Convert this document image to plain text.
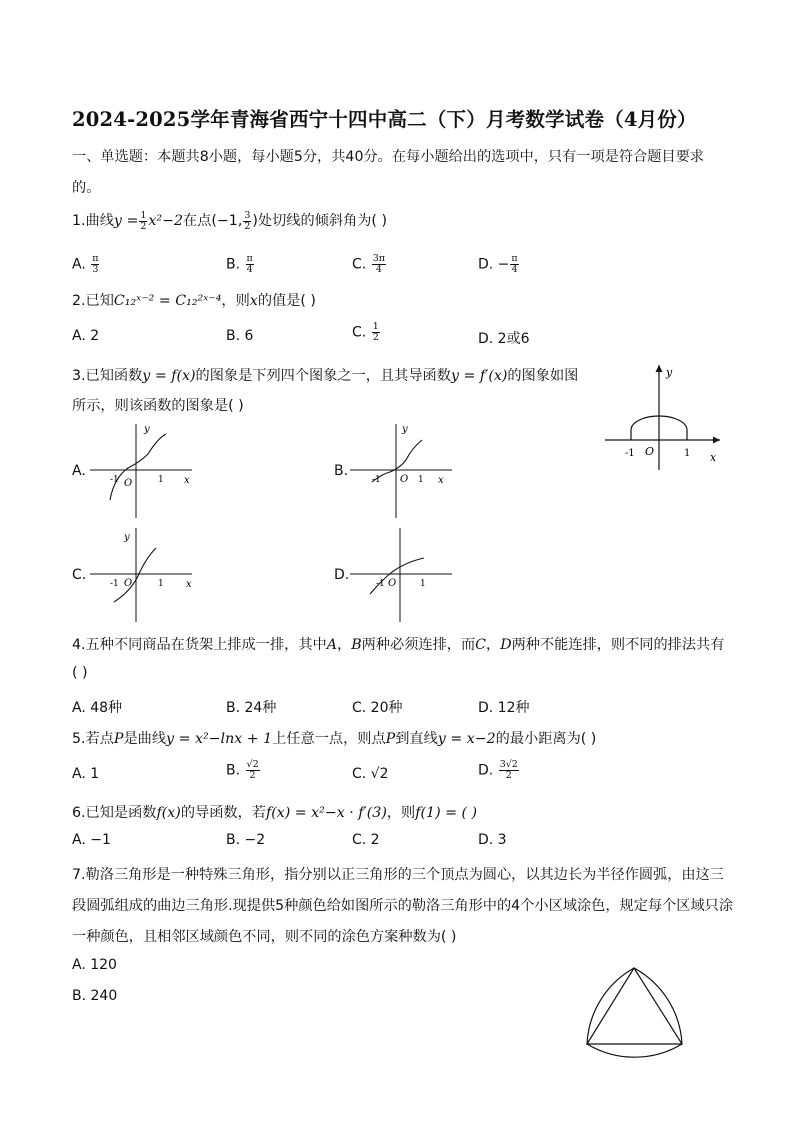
2024-2025学年青海省西宁十四中高二（下）月考数学试卷（4月份）
一、单选题：本题共8小题，每小题5分，共40分。在每小题给出的选项中，只有一项是符合题目要求
的。
1.曲线$y = \frac{1}{2} x^2-2$在点(−1, $\frac{3}{2}$ )处切线的倾斜角为( )
A. $\frac{\pi}{3}$	B. $\frac{\pi}{4}$	C. $\frac{3\pi}{4}$	D. − $\frac{\pi}{4}$
2.已知C₁₂ˣ⁻² = C₁₂²ˣ⁻⁴，则x的值是( )
A. 2	B. 6	C. $\frac{1}{2}$	D. 2或6
3.已知函数y = f(x)的图象是下列四个图象之一，且其导函数y = f′(x)的图象如图
所示，则该函数的图象是( )
y
x
-1 O	1
A.
y
x
-1 O	1
B.
y
x
-1 O 1
C.
y
x
-1 O	1
D.
-1 O	1
4.五种不同商品在货架上排成一排，其中A，B两种必须连排，而C，D两种不能连排，则不同的排法共有
( )
A. 48种	B. 24种	C. 20种	D. 12种
5.若点P是曲线y = x²−lnx + 1上任意一点，则点P到直线y = x−2的最小距离为( )
A. 1	B. $\frac{√2}{2}$	C. √2	D. $\frac{3√2}{2}$
6.已知是函数f(x)的导函数，若f(x) = x²−x · f′(3)，则f(1) = ( )
A. −1	B. −2	C. 2	D. 3
7.勒洛三角形是一种特殊三角形，指分别以正三角形的三个顶点为圆心，以其边长为半径作圆弧，由这三
段圆弧组成的曲边三角形.现提供5种颜色给如图所示的勒洛三角形中的4个小区域涂色，规定每个区域只涂
一种颜色，且相邻区域颜色不同，则不同的涂色方案种数为( )
A. 120
B. 240
